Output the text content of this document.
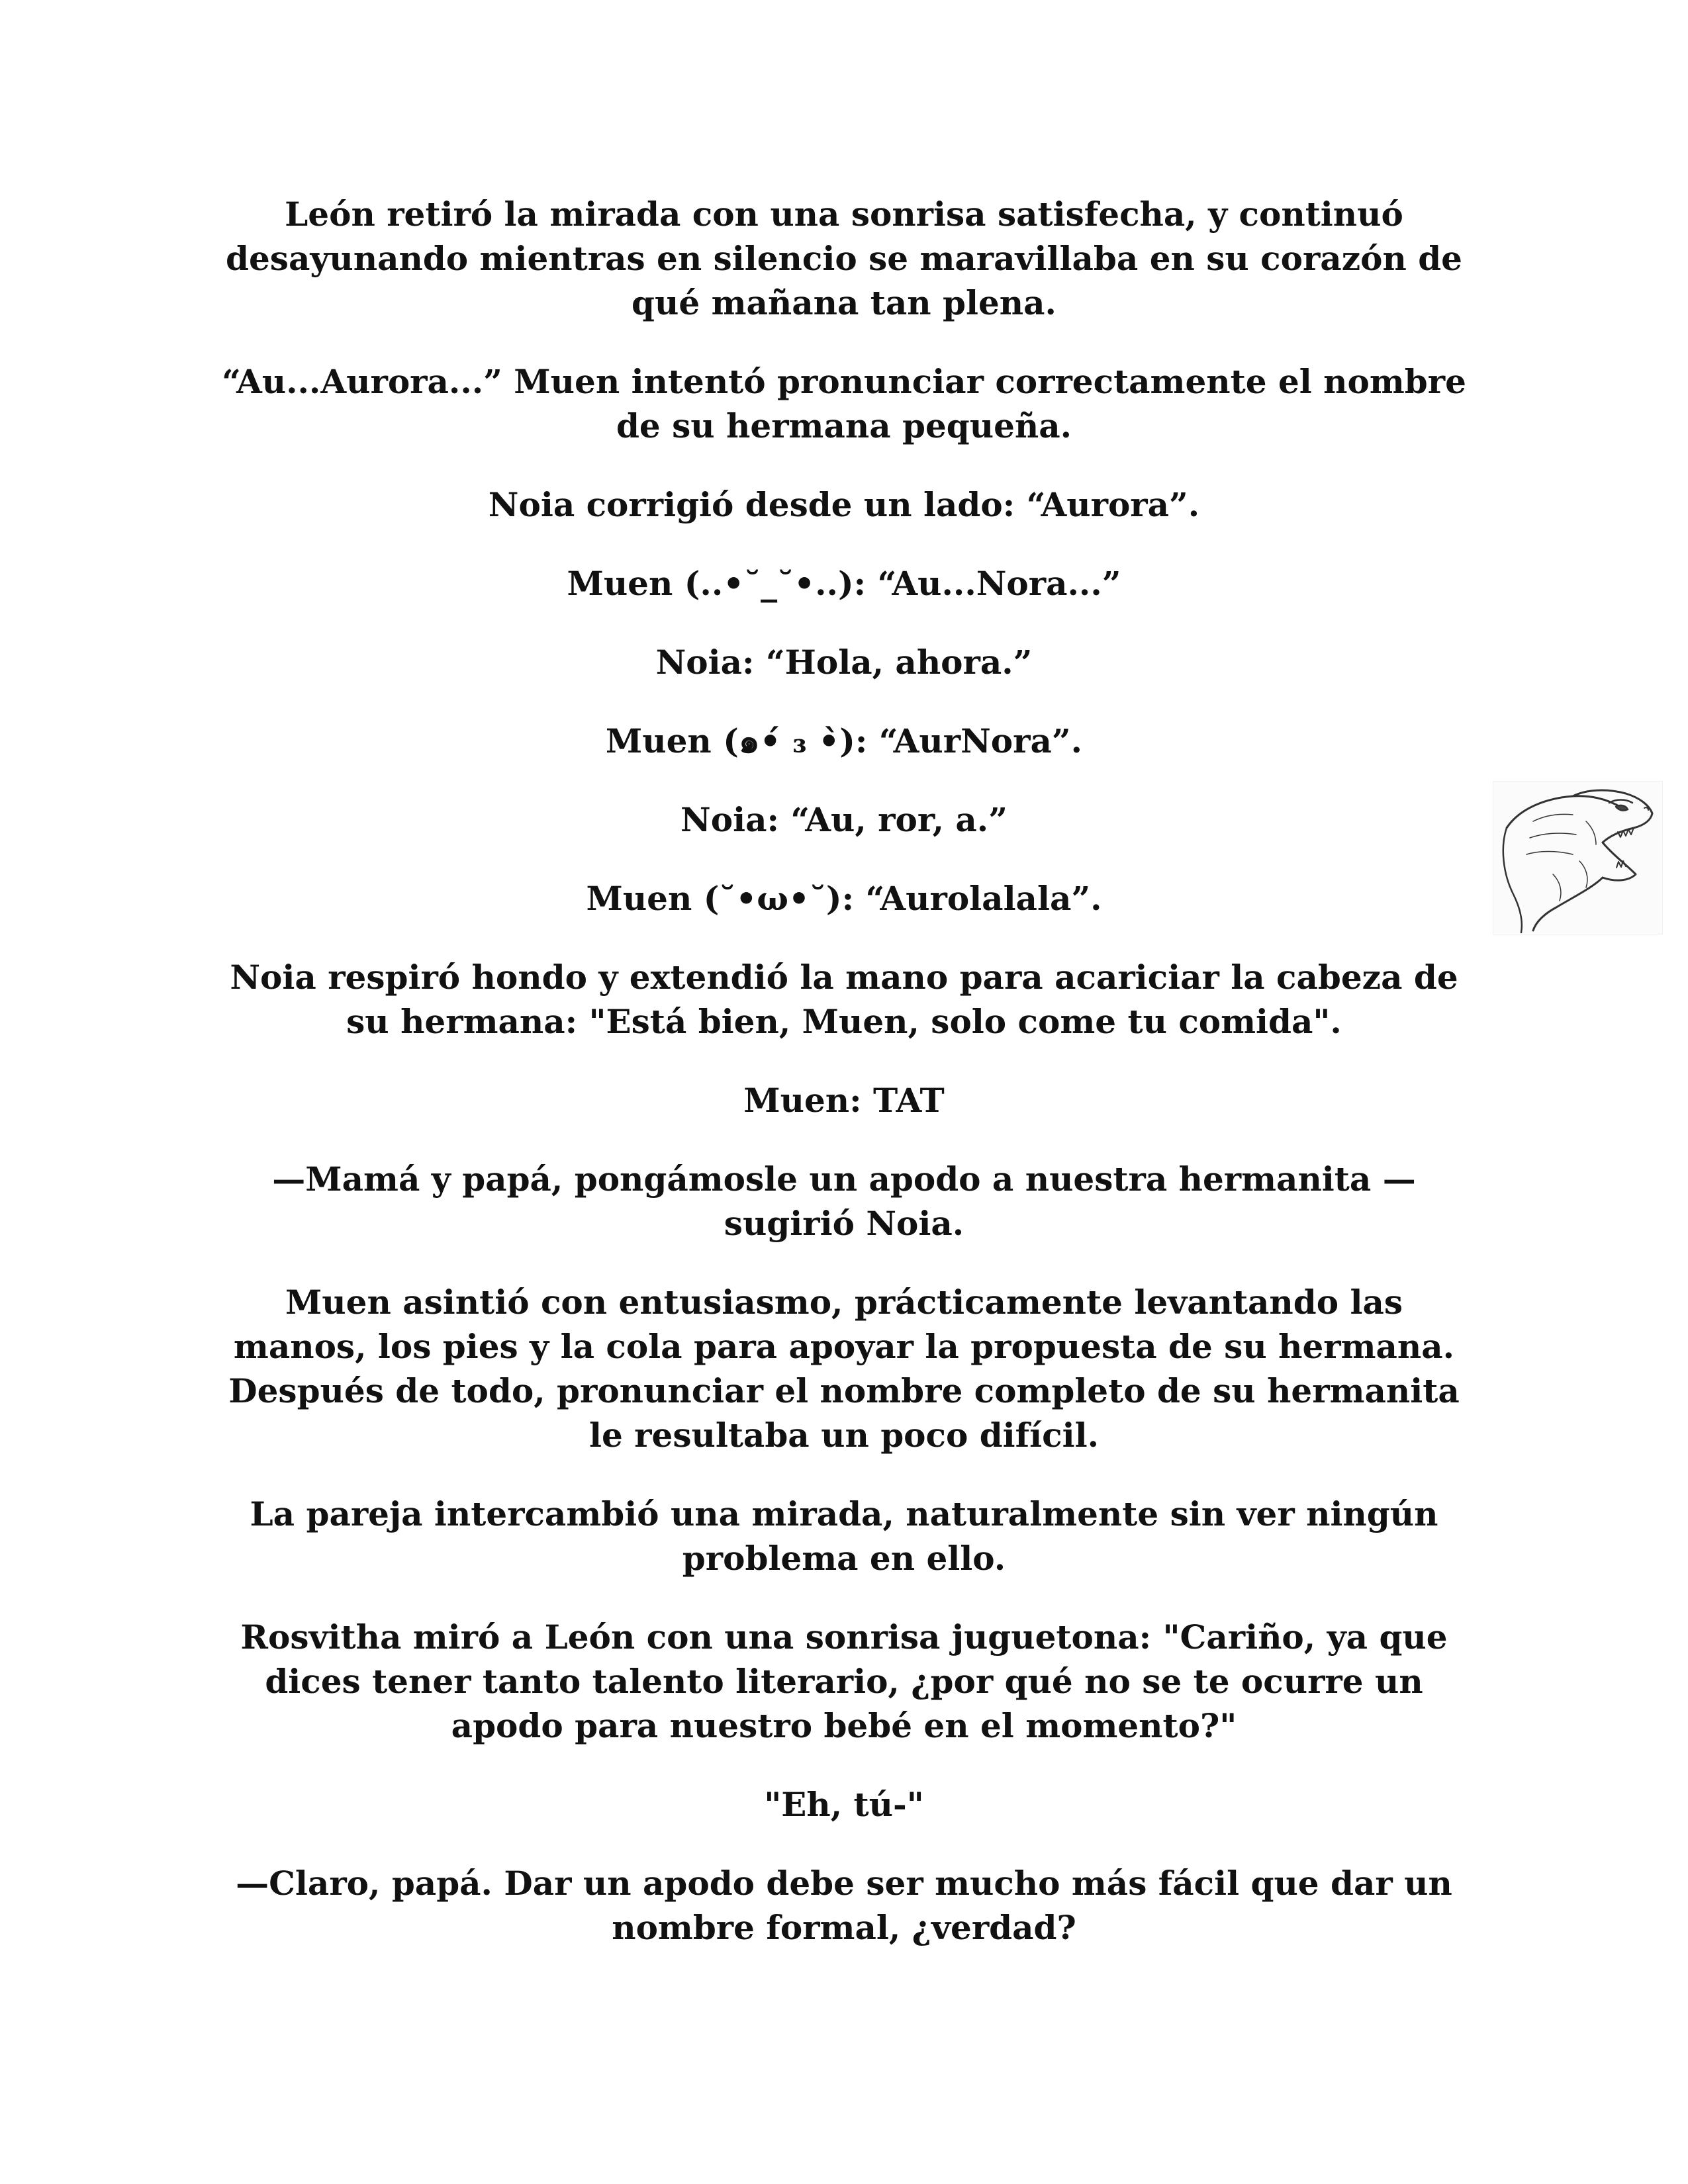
León retiró la mirada con una sonrisa satisfecha, y continuó desayunando mientras en silencio se maravillaba en su corazón de qué mañana tan plena.

“Au...Aurora...” Muen intentó pronunciar correctamente el nombre de su hermana pequeña.

Noia corrigió desde un lado: “Aurora”.

Muen (..•˘_˘•..): “Au...Nora...”

Noia: “Hola, ahora.”

Muen (๑•́ ₃ •̀): “AurNora”.

Noia: “Au, ror, a.”

Muen (˘•ω•˘): “Aurolalala”.

Noia respiró hondo y extendió la mano para acariciar la cabeza de su hermana: "Está bien, Muen, solo come tu comida".

Muen: TAT

—Mamá y papá, pongámosle un apodo a nuestra hermanita —sugirió Noia.

Muen asintió con entusiasmo, prácticamente levantando las manos, los pies y la cola para apoyar la propuesta de su hermana. Después de todo, pronunciar el nombre completo de su hermanita le resultaba un poco difícil.

La pareja intercambió una mirada, naturalmente sin ver ningún problema en ello.

Rosvitha miró a León con una sonrisa juguetona: "Cariño, ya que dices tener tanto talento literario, ¿por qué no se te ocurre un apodo para nuestro bebé en el momento?"

"Eh, tú-"

—Claro, papá. Dar un apodo debe ser mucho más fácil que dar un nombre formal, ¿verdad?
